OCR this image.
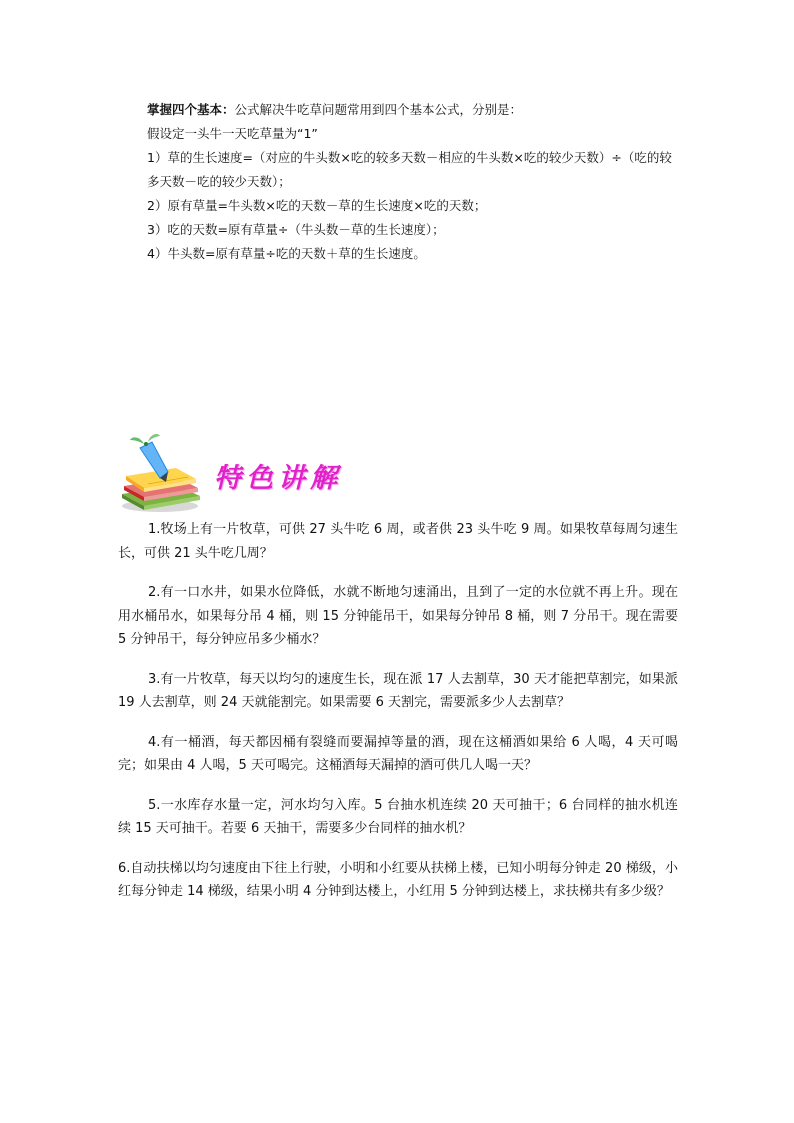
掌握四个基本：公式解决牛吃草问题常用到四个基本公式，分别是：
假设定一头牛一天吃草量为“1”
1）草的生长速度=（对应的牛头数×吃的较多天数－相应的牛头数×吃的较少天数）÷（吃的较多天数－吃的较少天数）；
2）原有草量=牛头数×吃的天数－草的生长速度×吃的天数；
3）吃的天数=原有草量÷（牛头数－草的生长速度）；
4）牛头数=原有草量÷吃的天数＋草的生长速度。
特色讲解

1.牧场上有一片牧草，可供 27 头牛吃 6 周，或者供 23 头牛吃 9 周。如果牧草每周匀速生长，可供 21 头牛吃几周？

2.有一口水井，如果水位降低，水就不断地匀速涌出，且到了一定的水位就不再上升。现在用水桶吊水，如果每分吊 4 桶，则 15 分钟能吊干，如果每分钟吊 8 桶，则 7 分吊干。现在需要 5 分钟吊干，每分钟应吊多少桶水？

3.有一片牧草，每天以均匀的速度生长，现在派 17 人去割草，30 天才能把草割完，如果派 19 人去割草，则 24 天就能割完。如果需要 6 天割完，需要派多少人去割草？

4.有一桶酒，每天都因桶有裂缝而要漏掉等量的酒，现在这桶酒如果给 6 人喝，4 天可喝完；如果由 4 人喝，5 天可喝完。这桶酒每天漏掉的酒可供几人喝一天？

5.一水库存水量一定，河水均匀入库。5 台抽水机连续 20 天可抽干；6 台同样的抽水机连续 15 天可抽干。若要 6 天抽干，需要多少台同样的抽水机？

6.自动扶梯以均匀速度由下往上行驶，小明和小红要从扶梯上楼，已知小明每分钟走 20 梯级，小红每分钟走 14 梯级，结果小明 4 分钟到达楼上，小红用 5 分钟到达楼上，求扶梯共有多少级？
